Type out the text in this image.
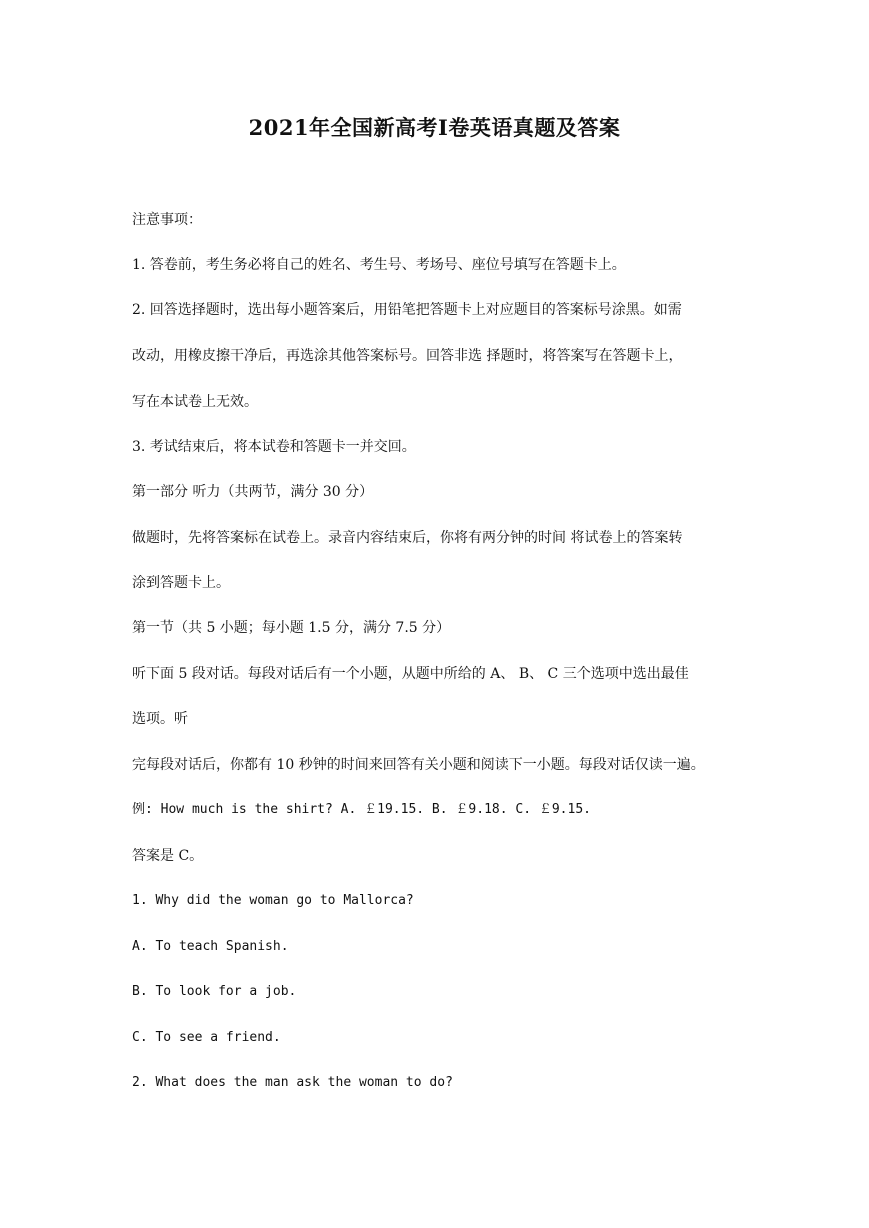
2021年全国新高考Ⅰ卷英语真题及答案
注意事项：
1. 答卷前，考生务必将自己的姓名、考生号、考场号、座位号填写在答题卡上。
2. 回答选择题时，选出每小题答案后，用铅笔把答题卡上对应题目的答案标号涂黑。如需
改动，用橡皮擦干净后，再选涂其他答案标号。回答非选 择题时，将答案写在答题卡上，
写在本试卷上无效。
3. 考试结束后，将本试卷和答题卡一并交回。
第一部分 听力（共两节，满分 30 分）
做题时，先将答案标在试卷上。录音内容结束后，你将有两分钟的时间 将试卷上的答案转
涂到答题卡上。
第一节（共 5 小题；每小题 1.5 分，满分 7.5 分）
听下面 5 段对话。每段对话后有一个小题，从题中所给的 A、 B、 C 三个选项中选出最佳
选项。听
完每段对话后，你都有 10 秒钟的时间来回答有关小题和阅读下一小题。每段对话仅读一遍。
例: How much is the shirt? A. ￡19.15. B. ￡9.18. C. ￡9.15.
答案是 C。
1. Why did the woman go to Mallorca?
A. To teach Spanish.
B. To look for a job.
C. To see a friend.
2. What does the man ask the woman to do?
